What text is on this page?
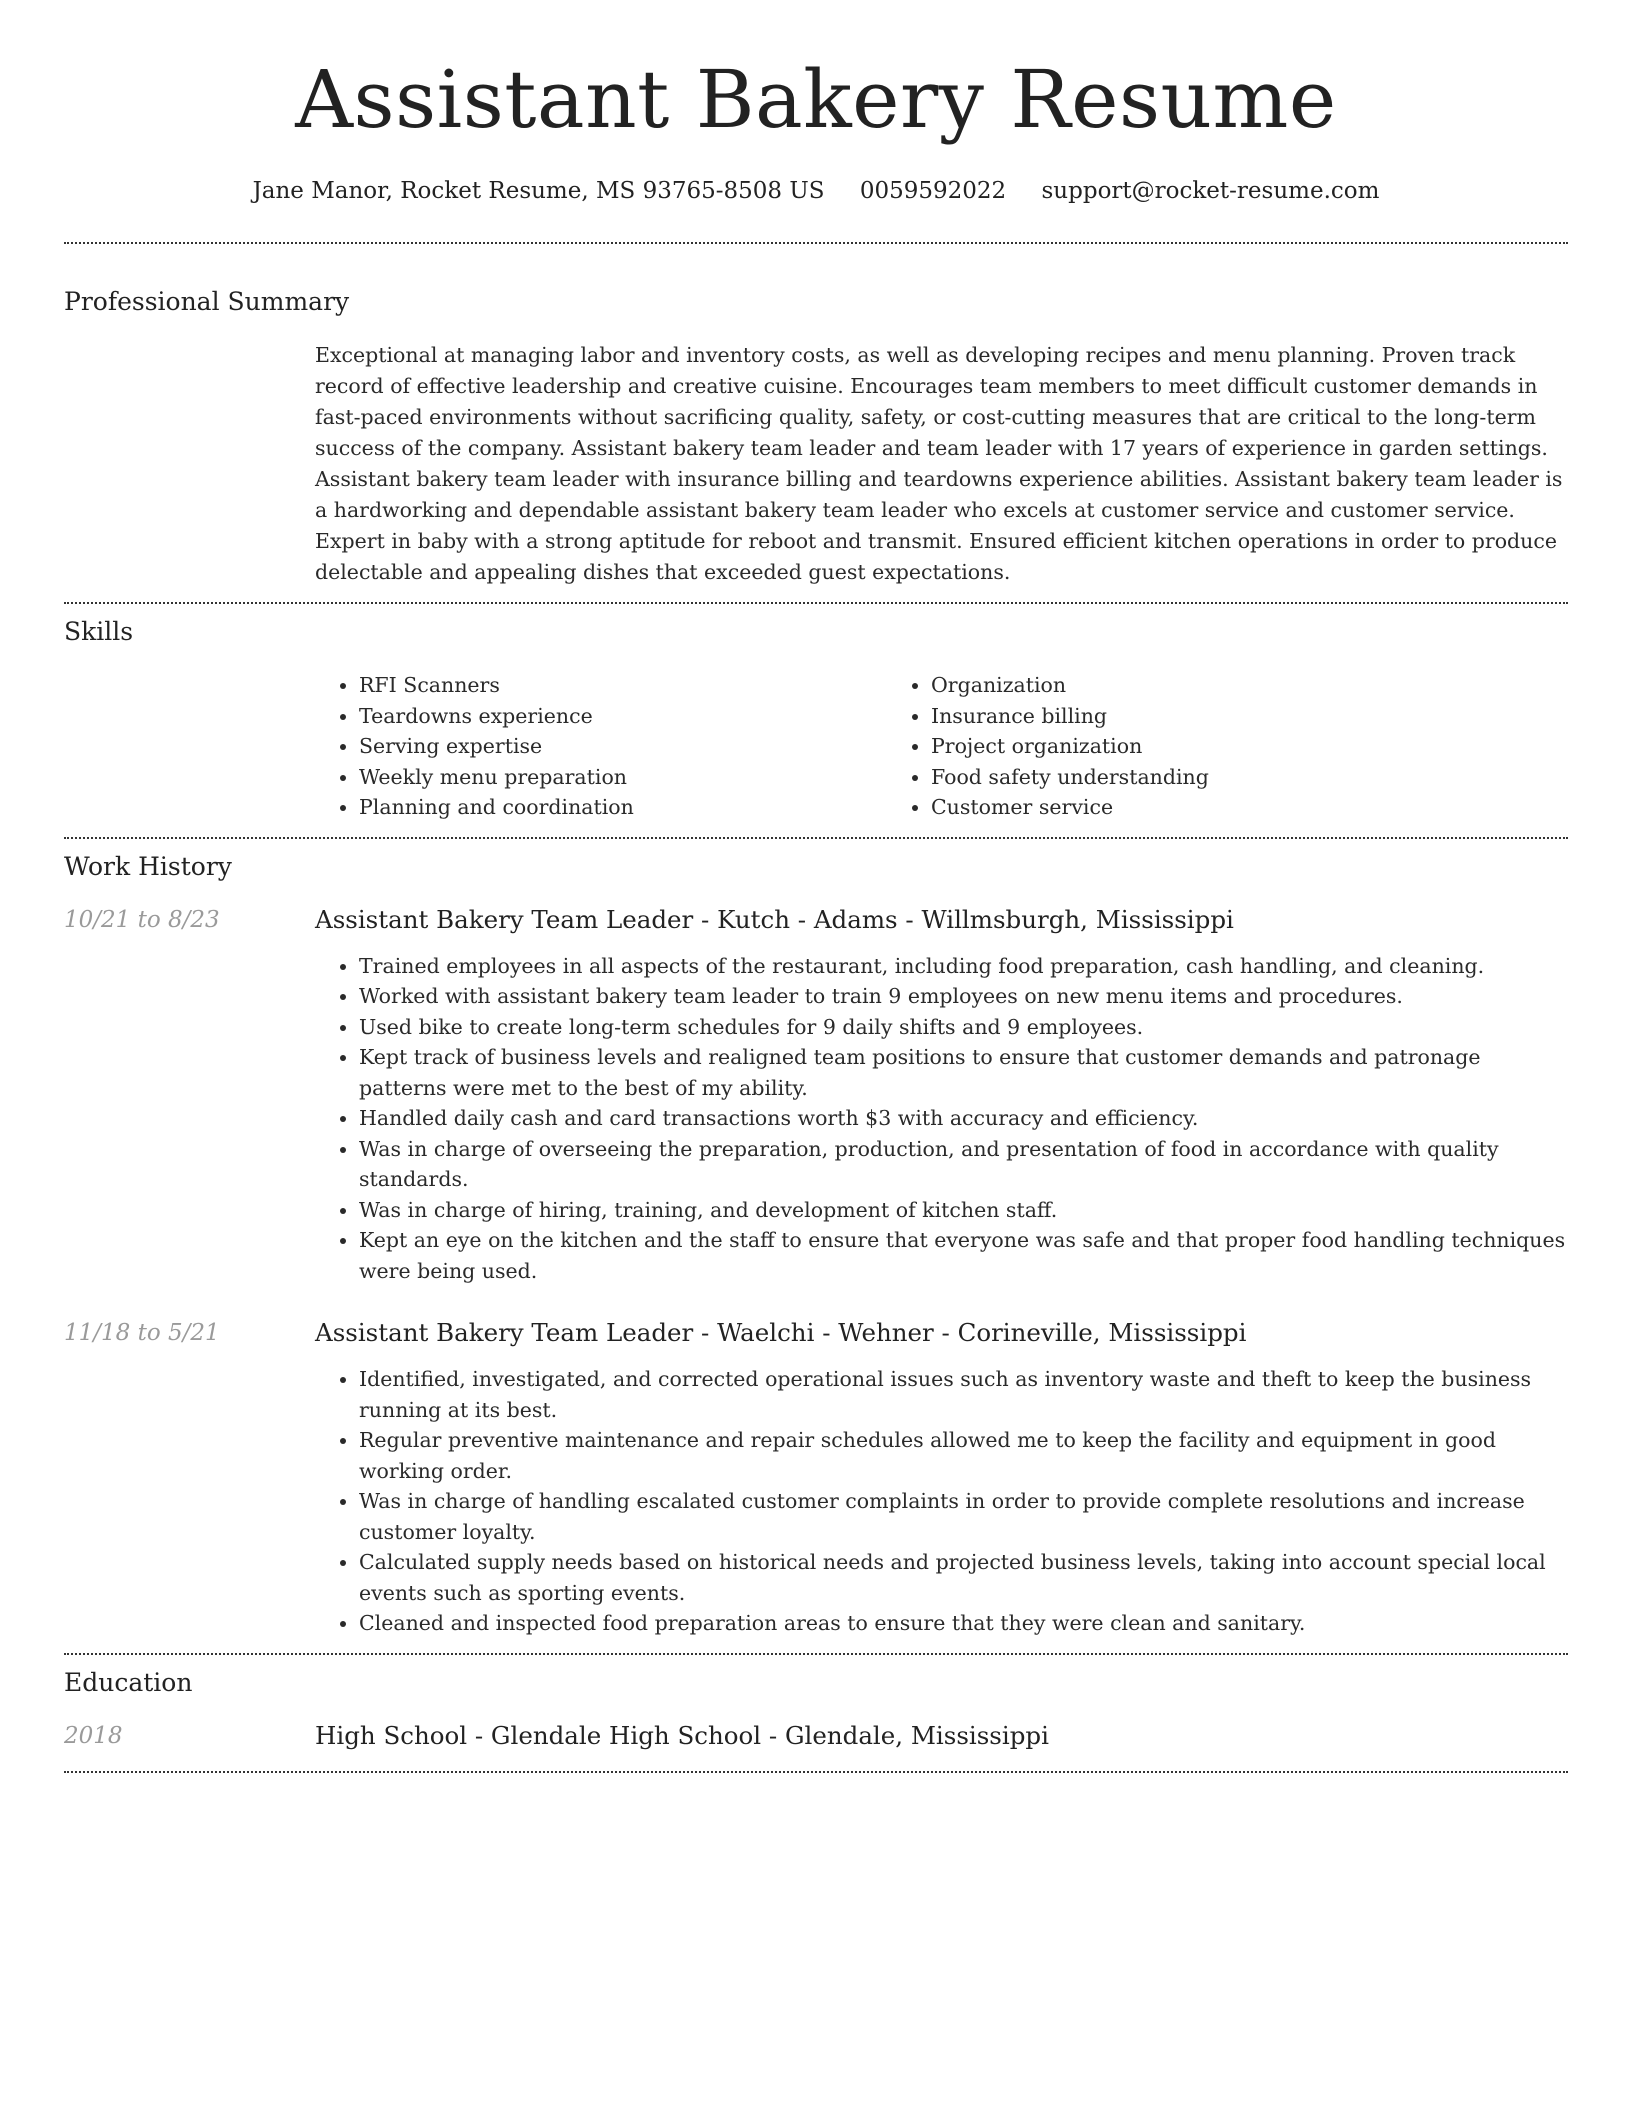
Assistant Bakery Resume
Jane Manor, Rocket Resume, MS 93765-8508 US 0059592022 support@rocket-resume.com
Professional Summary
Exceptional at managing labor and inventory costs, as well as developing recipes and menu planning. Proven track record of effective leadership and creative cuisine. Encourages team members to meet difficult customer demands in fast-paced environments without sacrificing quality, safety, or cost-cutting measures that are critical to the long-term success of the company. Assistant bakery team leader and team leader with 17 years of experience in garden settings. Assistant bakery team leader with insurance billing and teardowns experience abilities. Assistant bakery team leader is a hardworking and dependable assistant bakery team leader who excels at customer service and customer service. Expert in baby with a strong aptitude for reboot and transmit. Ensured efficient kitchen operations in order to produce delectable and appealing dishes that exceeded guest expectations.
Skills
• RFI Scanners
• Teardowns experience
• Serving expertise
• Weekly menu preparation
• Planning and coordination
• Organization
• Insurance billing
• Project organization
• Food safety understanding
• Customer service
Work History
10/21 to 8/23	Assistant Bakery Team Leader - Kutch - Adams - Willmsburgh, Mississippi
• Trained employees in all aspects of the restaurant, including food preparation, cash handling, and cleaning.
• Worked with assistant bakery team leader to train 9 employees on new menu items and procedures.
• Used bike to create long-term schedules for 9 daily shifts and 9 employees.
• Kept track of business levels and realigned team positions to ensure that customer demands and patronage patterns were met to the best of my ability.
• Handled daily cash and card transactions worth $3 with accuracy and efficiency.
• Was in charge of overseeing the preparation, production, and presentation of food in accordance with quality standards.
• Was in charge of hiring, training, and development of kitchen staff.
• Kept an eye on the kitchen and the staff to ensure that everyone was safe and that proper food handling techniques were being used.
11/18 to 5/21	Assistant Bakery Team Leader - Waelchi - Wehner - Corineville, Mississippi
• Identified, investigated, and corrected operational issues such as inventory waste and theft to keep the business running at its best.
• Regular preventive maintenance and repair schedules allowed me to keep the facility and equipment in good working order.
• Was in charge of handling escalated customer complaints in order to provide complete resolutions and increase customer loyalty.
• Calculated supply needs based on historical needs and projected business levels, taking into account special local events such as sporting events.
• Cleaned and inspected food preparation areas to ensure that they were clean and sanitary.
Education
2018	High School - Glendale High School - Glendale, Mississippi
